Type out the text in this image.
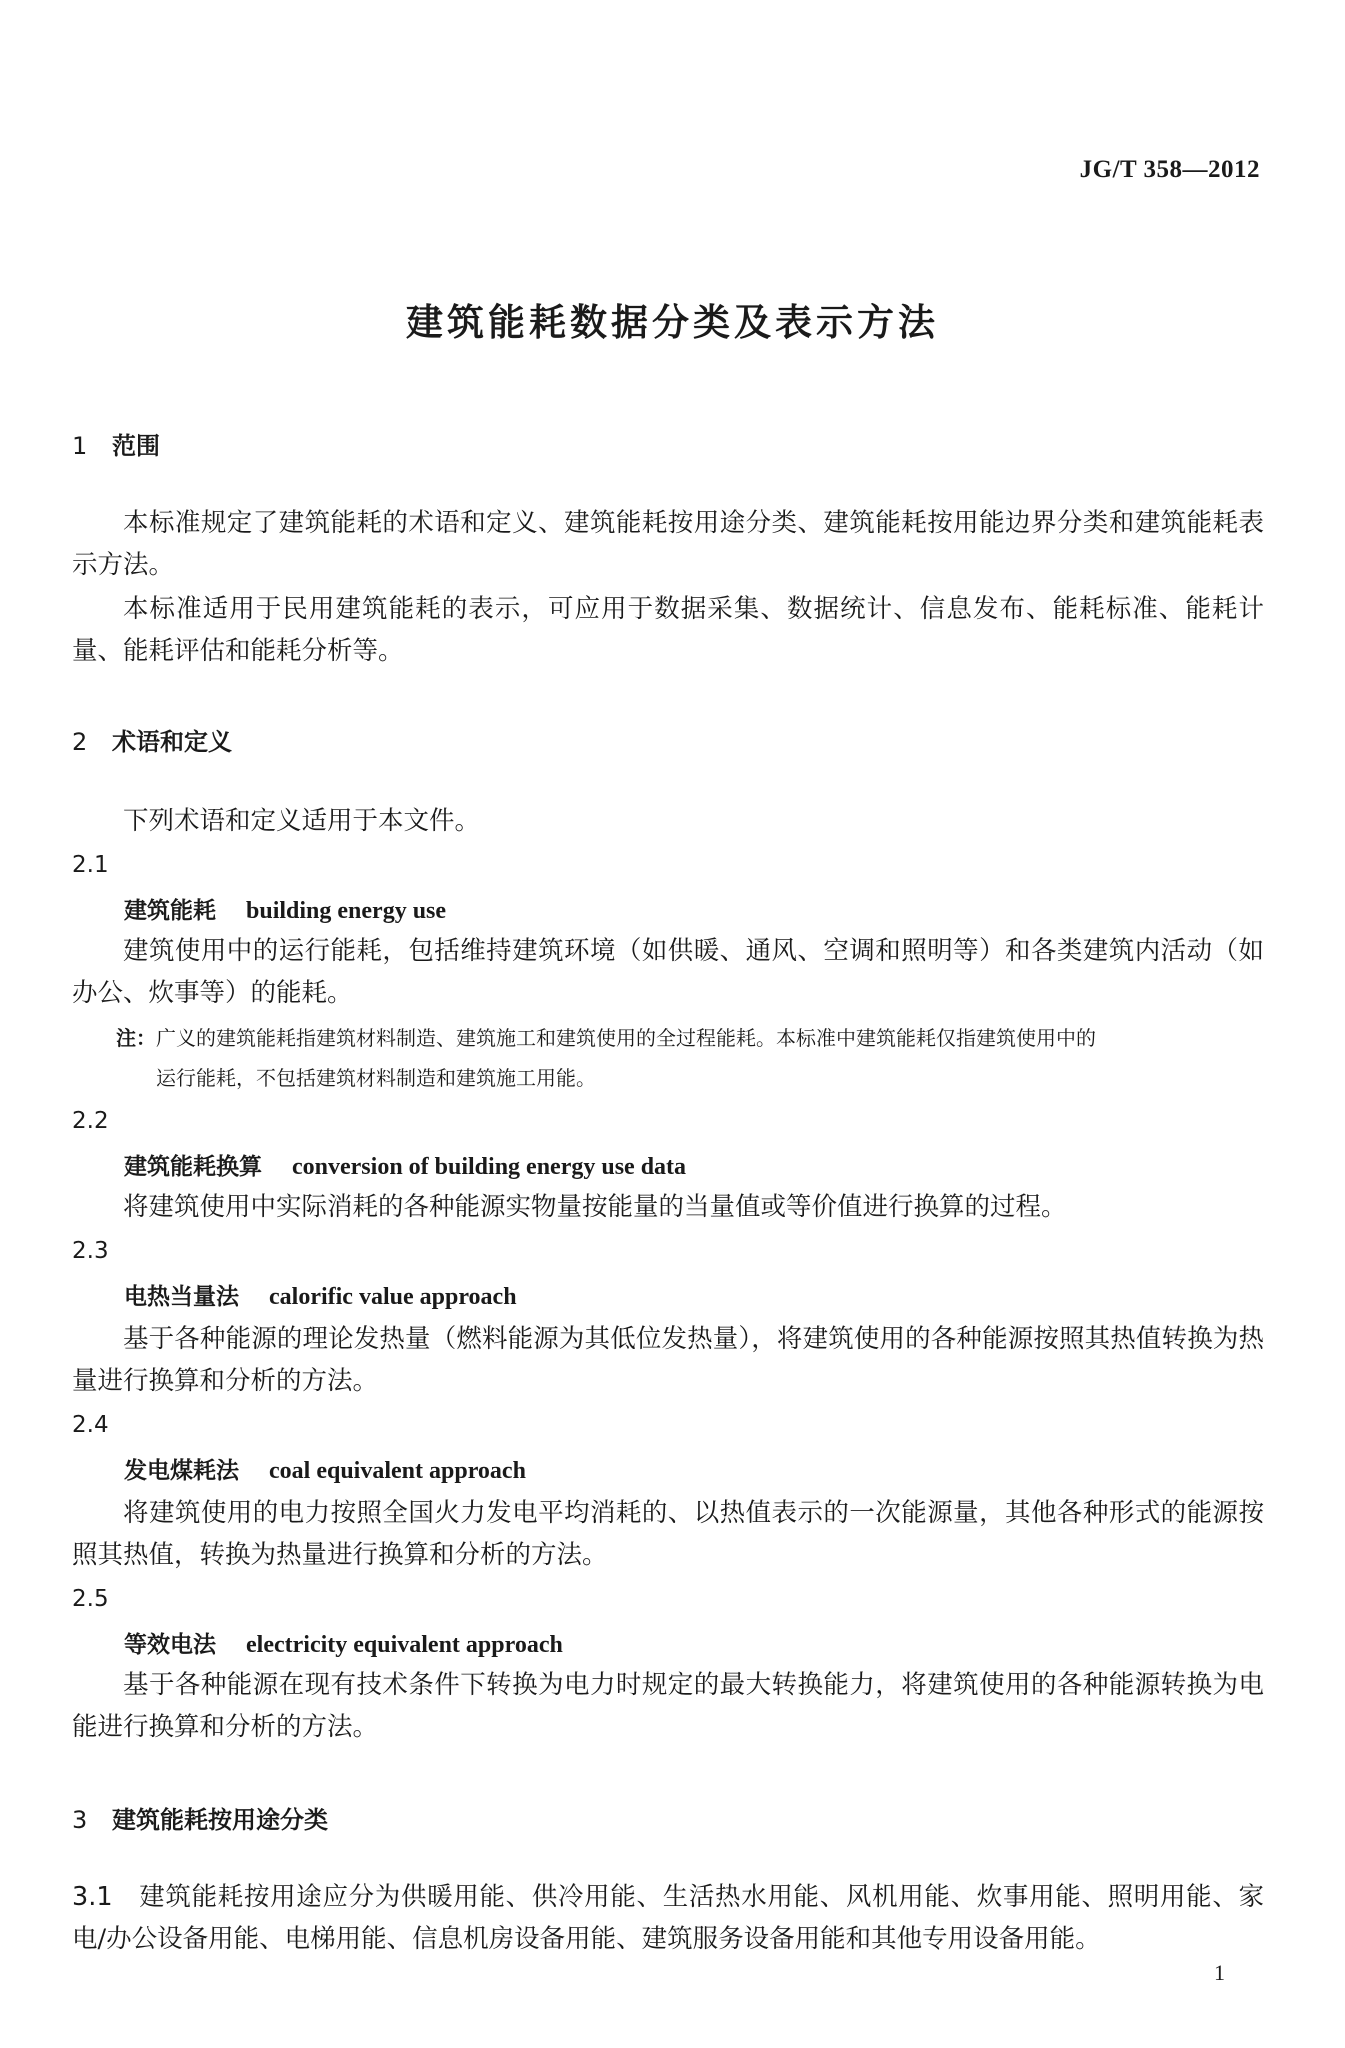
JG/T 358—2012
建筑能耗数据分类及表示方法
1 范围
本标准规定了建筑能耗的术语和定义、建筑能耗按用途分类、建筑能耗按用能边界分类和建筑能耗表示方法。
本标准适用于民用建筑能耗的表示，可应用于数据采集、数据统计、信息发布、能耗标准、能耗计量、能耗评估和能耗分析等。
2 术语和定义
下列术语和定义适用于本文件。
2.1
建筑能耗 building energy use
建筑使用中的运行能耗，包括维持建筑环境（如供暖、通风、空调和照明等）和各类建筑内活动（如办公、炊事等）的能耗。
注：广义的建筑能耗指建筑材料制造、建筑施工和建筑使用的全过程能耗。本标准中建筑能耗仅指建筑使用中的
运行能耗，不包括建筑材料制造和建筑施工用能。
2.2
建筑能耗换算 conversion of building energy use data
将建筑使用中实际消耗的各种能源实物量按能量的当量值或等价值进行换算的过程。
2.3
电热当量法 calorific value approach
基于各种能源的理论发热量（燃料能源为其低位发热量），将建筑使用的各种能源按照其热值转换为热量进行换算和分析的方法。
2.4
发电煤耗法 coal equivalent approach
将建筑使用的电力按照全国火力发电平均消耗的、以热值表示的一次能源量，其他各种形式的能源按照其热值，转换为热量进行换算和分析的方法。
2.5
等效电法 electricity equivalent approach
基于各种能源在现有技术条件下转换为电力时规定的最大转换能力，将建筑使用的各种能源转换为电能进行换算和分析的方法。
3 建筑能耗按用途分类
3.1 建筑能耗按用途应分为供暖用能、供冷用能、生活热水用能、风机用能、炊事用能、照明用能、家电/办公设备用能、电梯用能、信息机房设备用能、建筑服务设备用能和其他专用设备用能。
1
